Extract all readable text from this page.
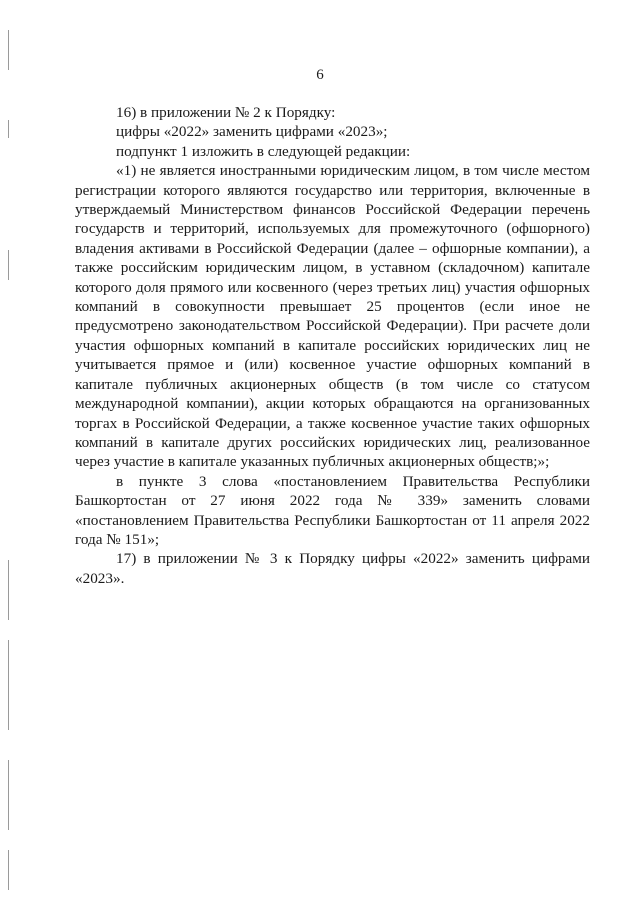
6

16) в приложении № 2 к Порядку:

цифры «2022» заменить цифрами «2023»;

подпункт 1 изложить в следующей редакции:

«1) не является иностранными юридическим лицом, в том числе местом регистрации которого являются государство или территория, включенные в утверждаемый Министерством финансов Российской Федерации перечень государств и территорий, используемых для промежуточного (офшорного) владения активами в Российской Федерации (далее – офшорные компании), а также российским юридическим лицом, в уставном (складочном) капитале которого доля прямого или косвенного (через третьих лиц) участия офшорных компаний в совокупности превышает 25 процентов (если иное не предусмотрено законодательством Российской Федерации). При расчете доли участия офшорных компаний в капитале российских юридических лиц не учитывается прямое и (или) косвенное участие офшорных компаний в капитале публичных акционерных обществ (в том числе со статусом международной компании), акции которых обращаются на организованных торгах в Российской Федерации, а также косвенное участие таких офшорных компаний в капитале других российских юридических лиц, реализованное через участие в капитале указанных публичных акционерных обществ;»;

в пункте 3 слова «постановлением Правительства Республики Башкортостан от 27 июня 2022 года № 339» заменить словами «постановлением Правительства Республики Башкортостан от 11 апреля 2022 года № 151»;

17) в приложении № 3 к Порядку цифры «2022» заменить цифрами «2023».
